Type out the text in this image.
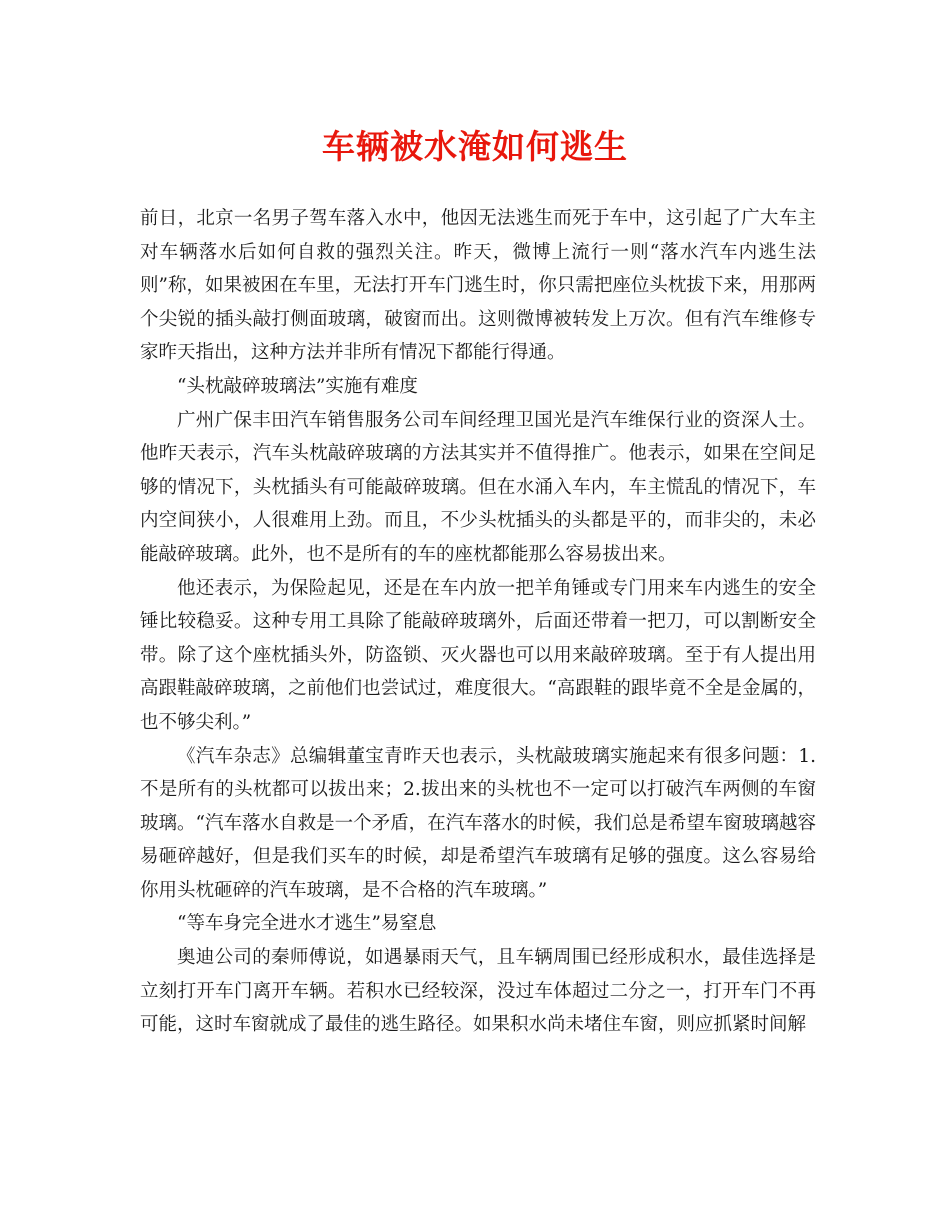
车辆被水淹如何逃生

前日，北京一名男子驾车落入水中，他因无法逃生而死于车中，这引起了广大车主对车辆落水后如何自救的强烈关注。昨天，微博上流行一则“落水汽车内逃生法则”称，如果被困在车里，无法打开车门逃生时，你只需把座位头枕拔下来，用那两个尖锐的插头敲打侧面玻璃，破窗而出。这则微博被转发上万次。但有汽车维修专家昨天指出，这种方法并非所有情况下都能行得通。

“头枕敲碎玻璃法”实施有难度

广州广保丰田汽车销售服务公司车间经理卫国光是汽车维保行业的资深人士。他昨天表示，汽车头枕敲碎玻璃的方法其实并不值得推广。他表示，如果在空间足够的情况下，头枕插头有可能敲碎玻璃。但在水涌入车内，车主慌乱的情况下，车内空间狭小，人很难用上劲。而且，不少头枕插头的头都是平的，而非尖的，未必能敲碎玻璃。此外，也不是所有的车的座枕都能那么容易拔出来。

他还表示，为保险起见，还是在车内放一把羊角锤或专门用来车内逃生的安全锤比较稳妥。这种专用工具除了能敲碎玻璃外，后面还带着一把刀，可以割断安全带。除了这个座枕插头外，防盗锁、灭火器也可以用来敲碎玻璃。至于有人提出用高跟鞋敲碎玻璃，之前他们也尝试过，难度很大。“高跟鞋的跟毕竟不全是金属的，也不够尖利。”

《汽车杂志》总编辑董宝青昨天也表示，头枕敲玻璃实施起来有很多问题：1.不是所有的头枕都可以拔出来；2.拔出来的头枕也不一定可以打破汽车两侧的车窗玻璃。“汽车落水自救是一个矛盾，在汽车落水的时候，我们总是希望车窗玻璃越容易砸碎越好，但是我们买车的时候，却是希望汽车玻璃有足够的强度。这么容易给你用头枕砸碎的汽车玻璃，是不合格的汽车玻璃。”

“等车身完全进水才逃生”易窒息

奥迪公司的秦师傅说，如遇暴雨天气，且车辆周围已经形成积水，最佳选择是立刻打开车门离开车辆。若积水已经较深，没过车体超过二分之一，打开车门不再可能，这时车窗就成了最佳的逃生路径。如果积水尚未堵住车窗，则应抓紧时间解
